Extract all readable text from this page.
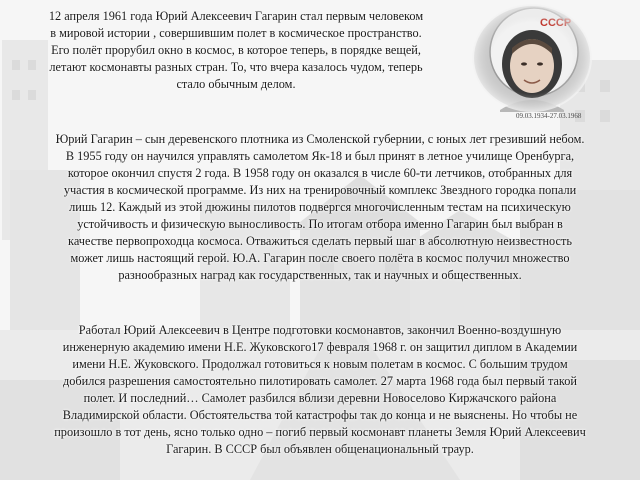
12 апреля 1961 года Юрий Алексеевич Гагарин стал первым человеком
в мировой истории , совершившим полет в космическое пространство.
Его полёт прорубил окно в космос, в которое теперь, в порядке вещей,
летают космонавты разных стран. То, что вчера казалось чудом, теперь
стало обычным делом.
09.03.1934-27.03.1968
Юрий Гагарин – сын деревенского плотника из Смоленской губернии, с юных лет грезивший небом.
В 1955 году он научился управлять самолетом Як-18 и был принят в летное училище Оренбурга,
которое окончил спустя 2 года. В 1958 году он оказался в числе 60-ти летчиков, отобранных для
участия в космической программе. Из них на тренировочный комплекс Звездного городка попали
лишь 12. Каждый из этой дюжины пилотов подвергся многочисленным тестам на психическую
устойчивость и физическую выносливость. По итогам отбора именно Гагарин был выбран в
качестве первопроходца космоса. Отважиться сделать первый шаг в абсолютную неизвестность
может лишь настоящий герой. Ю.А. Гагарин после своего полёта в космос получил множество
разнообразных наград как государственных, так и научных и общественных.
Работал Юрий Алексеевич в Центре подготовки космонавтов, закончил Военно-воздушную
инженерную академию имени Н.Е. Жуковского17 февраля 1968 г. он защитил диплом в Академии
имени Н.Е. Жуковского. Продолжал готовиться к новым полетам в космос. С большим трудом
добился разрешения самостоятельно пилотировать самолет. 27 марта 1968 года был первый такой
полет. И последний… Самолет разбился вблизи деревни Новоселово Киржачского района
Владимирской области. Обстоятельства той катастрофы так до конца и не выяснены. Но чтобы не
произошло в тот день, ясно только одно – погиб первый космонавт планеты Земля Юрий Алексеевич
Гагарин. В СССР был объявлен общенациональный траур.
